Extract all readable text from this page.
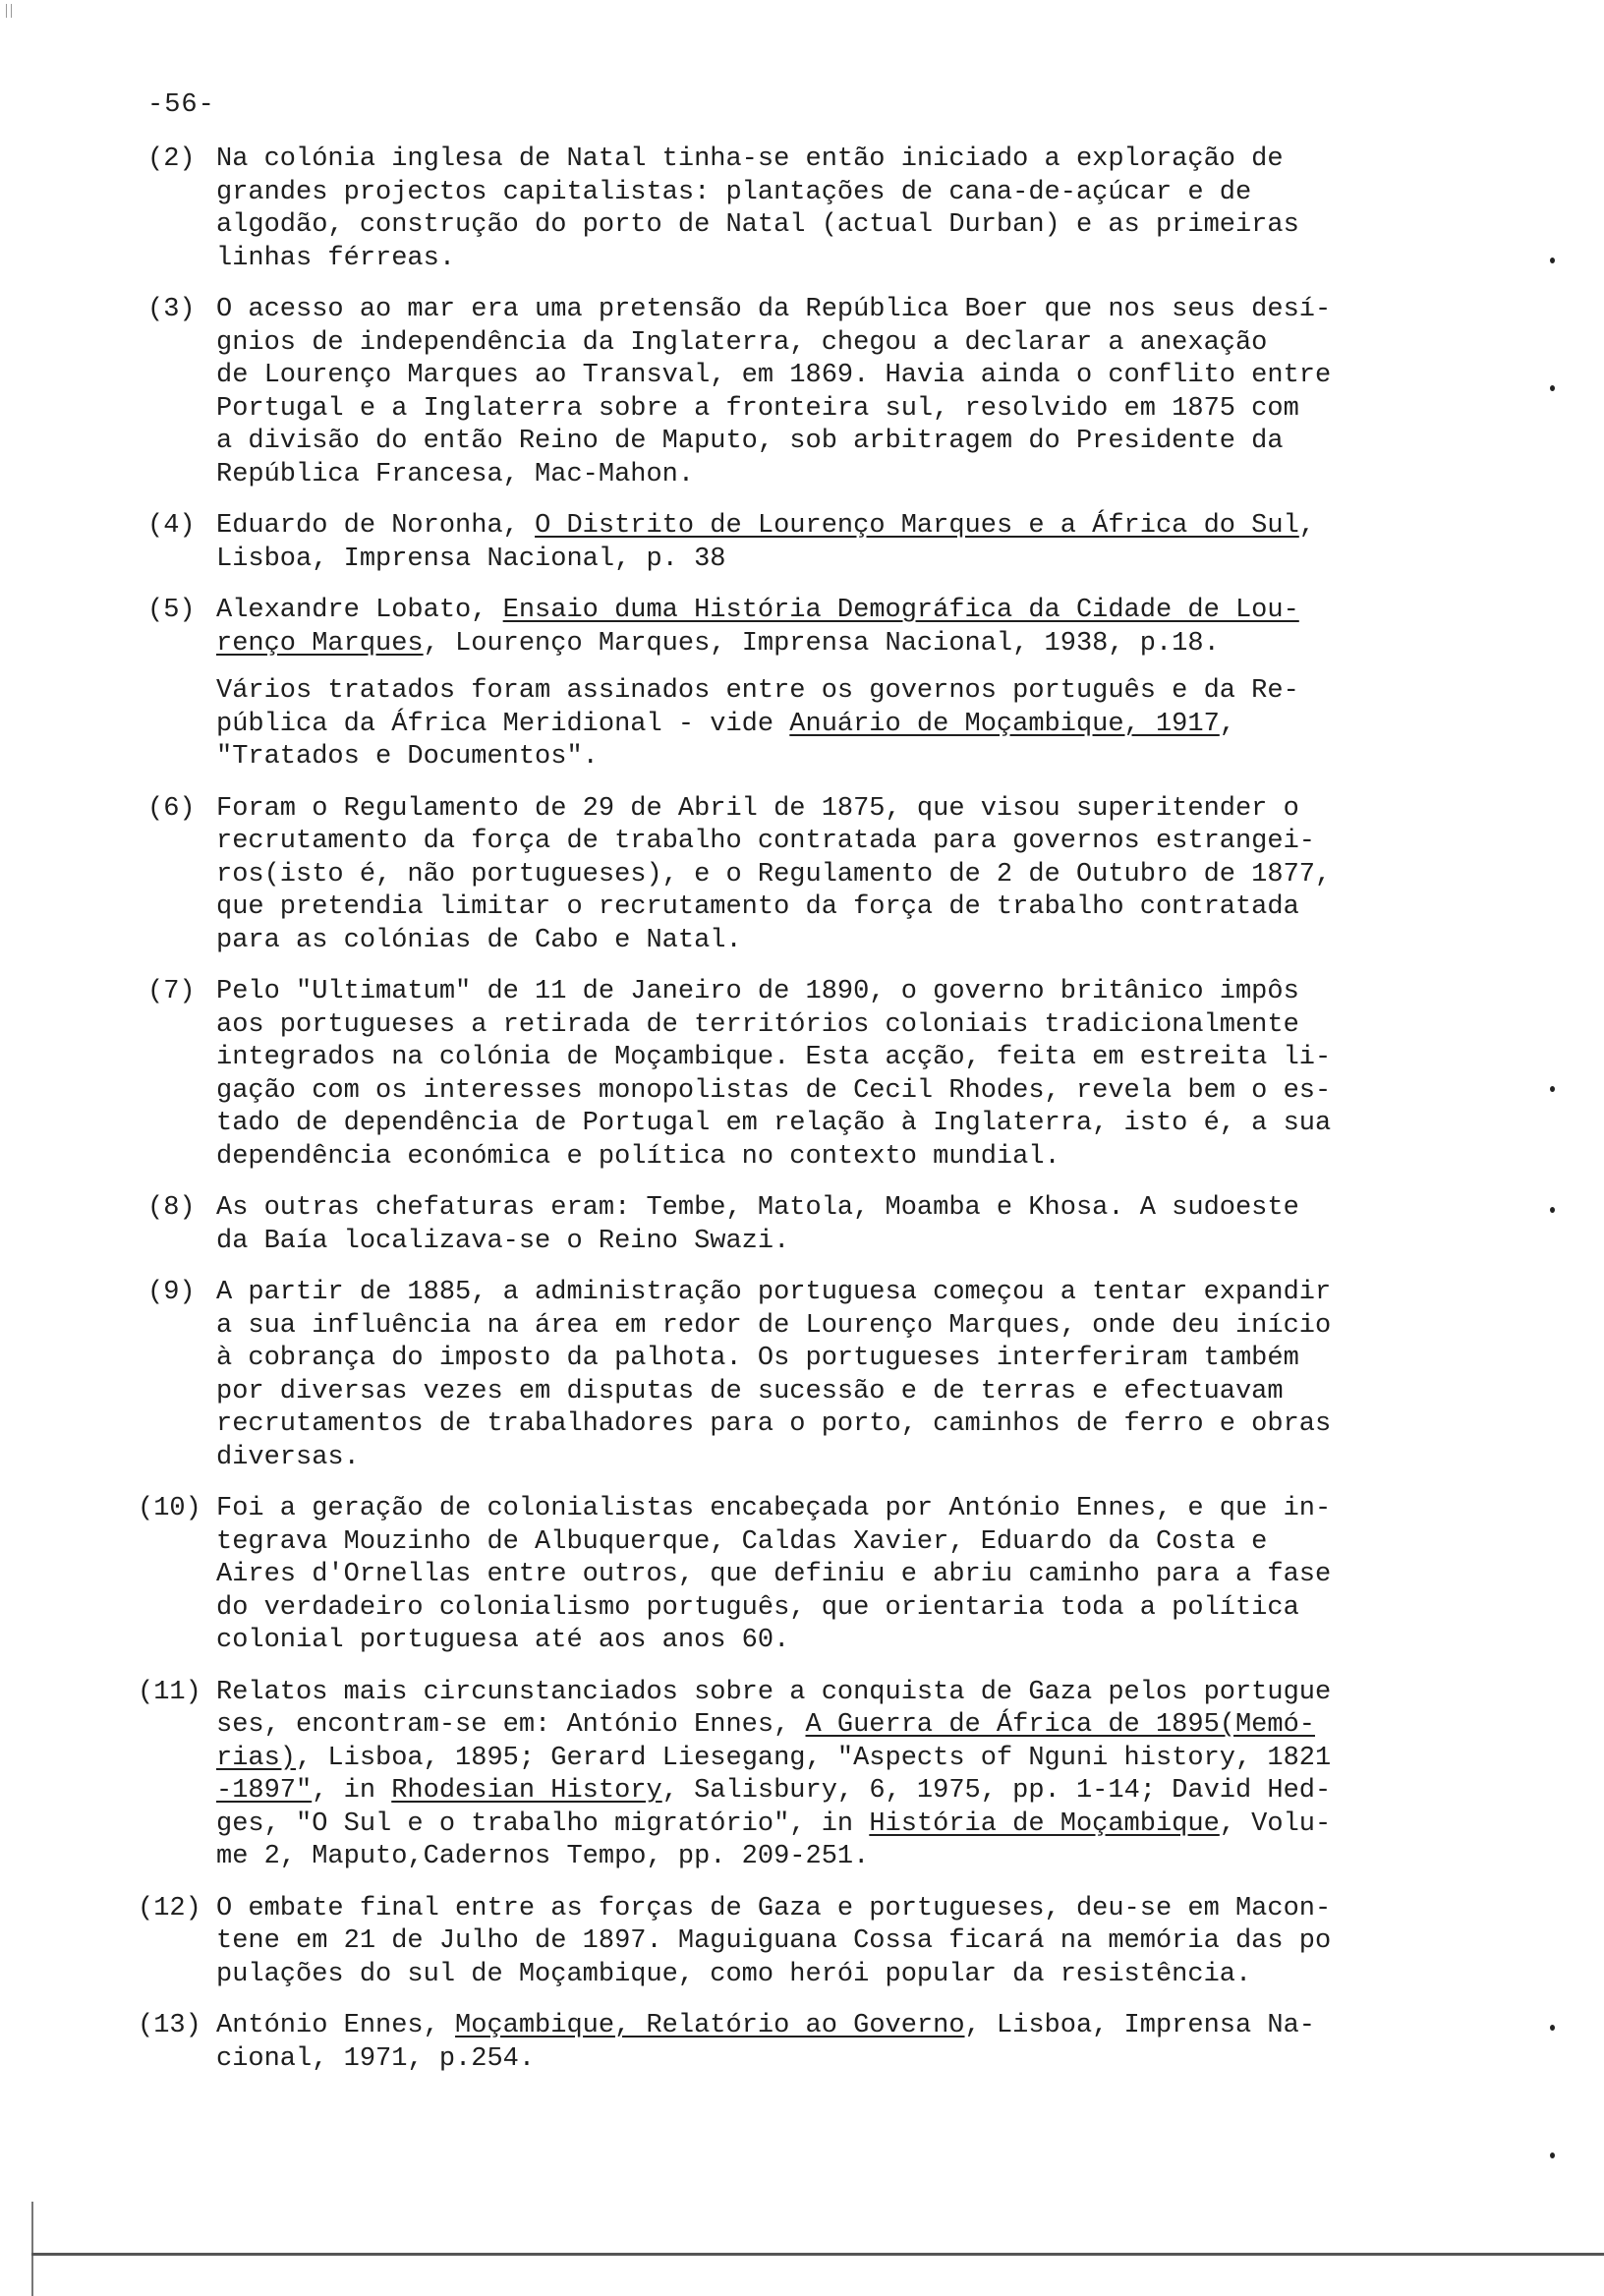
-56-
(2) Na colónia inglesa de Natal tinha-se então iniciado a exploração de
grandes projectos capitalistas: plantações de cana-de-açúcar e de
algodão, construção do porto de Natal (actual Durban) e as primeiras
linhas férreas.
(3) O acesso ao mar era uma pretensão da República Boer que nos seus desí-
gnios de independência da Inglaterra, chegou a declarar a anexação
de Lourenço Marques ao Transval, em 1869. Havia ainda o conflito entre
Portugal e a Inglaterra sobre a fronteira sul, resolvido em 1875 com
a divisão do então Reino de Maputo, sob arbitragem do Presidente da
República Francesa, Mac-Mahon.
(4) Eduardo de Noronha, O Distrito de Lourenço Marques e a África do Sul,
Lisboa, Imprensa Nacional, p. 38
(5) Alexandre Lobato, Ensaio duma História Demográfica da Cidade de Lou-
renço Marques, Lourenço Marques, Imprensa Nacional, 1938, p.18.
Vários tratados foram assinados entre os governos português e da Re-
pública da África Meridional - vide Anuário de Moçambique, 1917,
"Tratados e Documentos".
(6) Foram o Regulamento de 29 de Abril de 1875, que visou superitender o
recrutamento da força de trabalho contratada para governos estrangei-
ros(isto é, não portugueses), e o Regulamento de 2 de Outubro de 1877,
que pretendia limitar o recrutamento da força de trabalho contratada
para as colónias de Cabo e Natal.
(7) Pelo "Ultimatum" de 11 de Janeiro de 1890, o governo britânico impôs
aos portugueses a retirada de territórios coloniais tradicionalmente
integrados na colónia de Moçambique. Esta acção, feita em estreita li-
gação com os interesses monopolistas de Cecil Rhodes, revela bem o es-
tado de dependência de Portugal em relação à Inglaterra, isto é, a sua
dependência económica e política no contexto mundial.
(8) As outras chefaturas eram: Tembe, Matola, Moamba e Khosa. A sudoeste
da Baía localizava-se o Reino Swazi.
(9) A partir de 1885, a administração portuguesa começou a tentar expandir
a sua influência na área em redor de Lourenço Marques, onde deu início
à cobrança do imposto da palhota. Os portugueses interferiram também
por diversas vezes em disputas de sucessão e de terras e efectuavam
recrutamentos de trabalhadores para o porto, caminhos de ferro e obras
diversas.
(10) Foi a geração de colonialistas encabeçada por António Ennes, e que in-
tegrava Mouzinho de Albuquerque, Caldas Xavier, Eduardo da Costa e
Aires d'Ornellas entre outros, que definiu e abriu caminho para a fase
do verdadeiro colonialismo português, que orientaria toda a política
colonial portuguesa até aos anos 60.
(11) Relatos mais circunstanciados sobre a conquista de Gaza pelos portugue
ses, encontram-se em: António Ennes, A Guerra de África de 1895(Memó-
rias), Lisboa, 1895; Gerard Liesegang, "Aspects of Nguni history, 1821
-1897", in Rhodesian History, Salisbury, 6, 1975, pp. 1-14; David Hed-
ges, "O Sul e o trabalho migratório", in História de Moçambique, Volu-
me 2, Maputo,Cadernos Tempo, pp. 209-251.
(12) O embate final entre as forças de Gaza e portugueses, deu-se em Macon-
tene em 21 de Julho de 1897. Maguiguana Cossa ficará na memória das po
pulações do sul de Moçambique, como herói popular da resistência.
(13) António Ennes, Moçambique, Relatório ao Governo, Lisboa, Imprensa Na-
cional, 1971, p.254.
